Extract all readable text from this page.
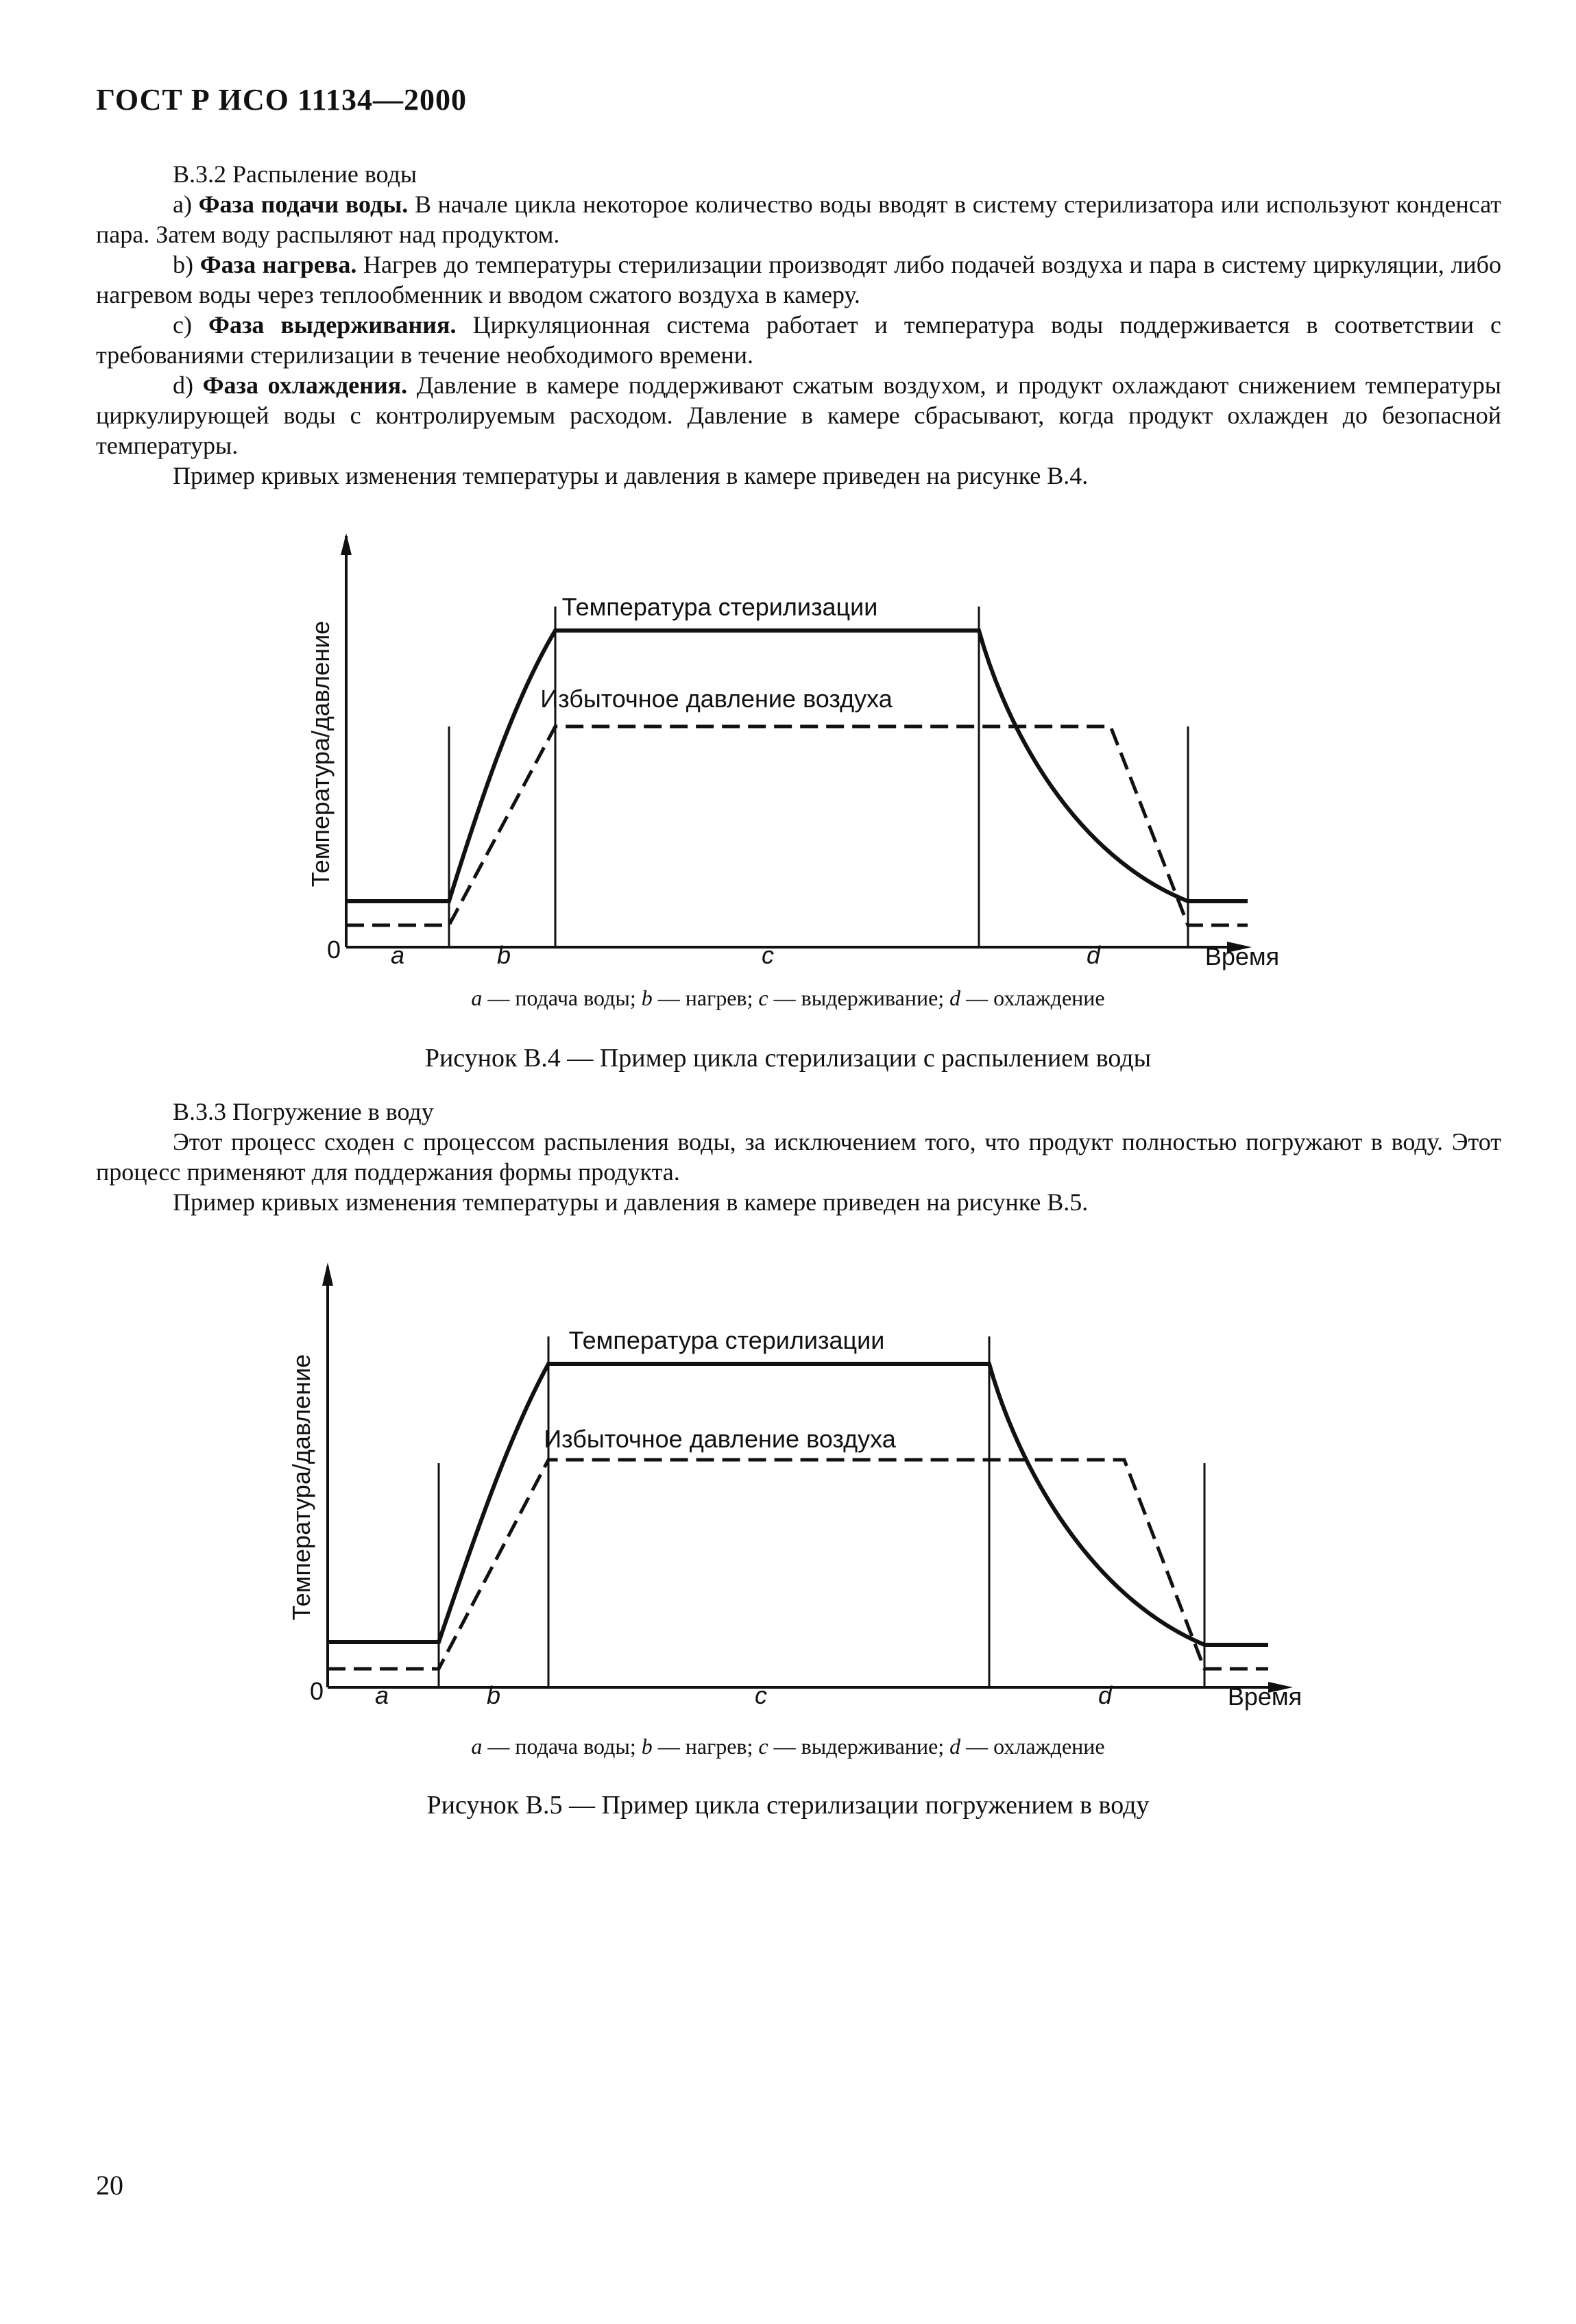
ГОСТ Р ИСО 11134—2000

В.3.2 Распыление воды

a) Фаза подачи воды. В начале цикла некоторое количество воды вводят в систему стерилизатора или используют конденсат пара. Затем воду распыляют над продуктом.

b) Фаза нагрева. Нагрев до температуры стерилизации производят либо подачей воздуха и пара в систему циркуляции, либо нагревом воды через теплообменник и вводом сжатого воздуха в камеру.

c) Фаза выдерживания. Циркуляционная система работает и температура воды поддерживается в соответствии с требованиями стерилизации в течение необходимого времени.

d) Фаза охлаждения. Давление в камере поддерживают сжатым воздухом, и продукт охлаждают снижением температуры циркулирующей воды с контролируемым расходом. Давление в камере сбрасывают, когда продукт охлажден до безопасной температуры.

Пример кривых изменения температуры и давления в камере приведен на рисунке В.4.

Температура стерилизации
Избыточное давление воздуха
Температура/давление
0 a	b	c	d	Время
a — подача воды; b — нагрев; c — выдерживание; d — охлаждение
Рисунок В.4 — Пример цикла стерилизации с распылением воды

В.3.3 Погружение в воду

Этот процесс сходен с процессом распыления воды, за исключением того, что продукт полностью погружают в воду. Этот процесс применяют для поддержания формы продукта.

Пример кривых изменения температуры и давления в камере приведен на рисунке В.5.

Температура стерилизации
Избыточное давление воздуха
Температура/давление
0 a	b	c	d	Время
a — подача воды; b — нагрев; c — выдерживание; d — охлаждение
Рисунок В.5 — Пример цикла стерилизации погружением в воду
20
